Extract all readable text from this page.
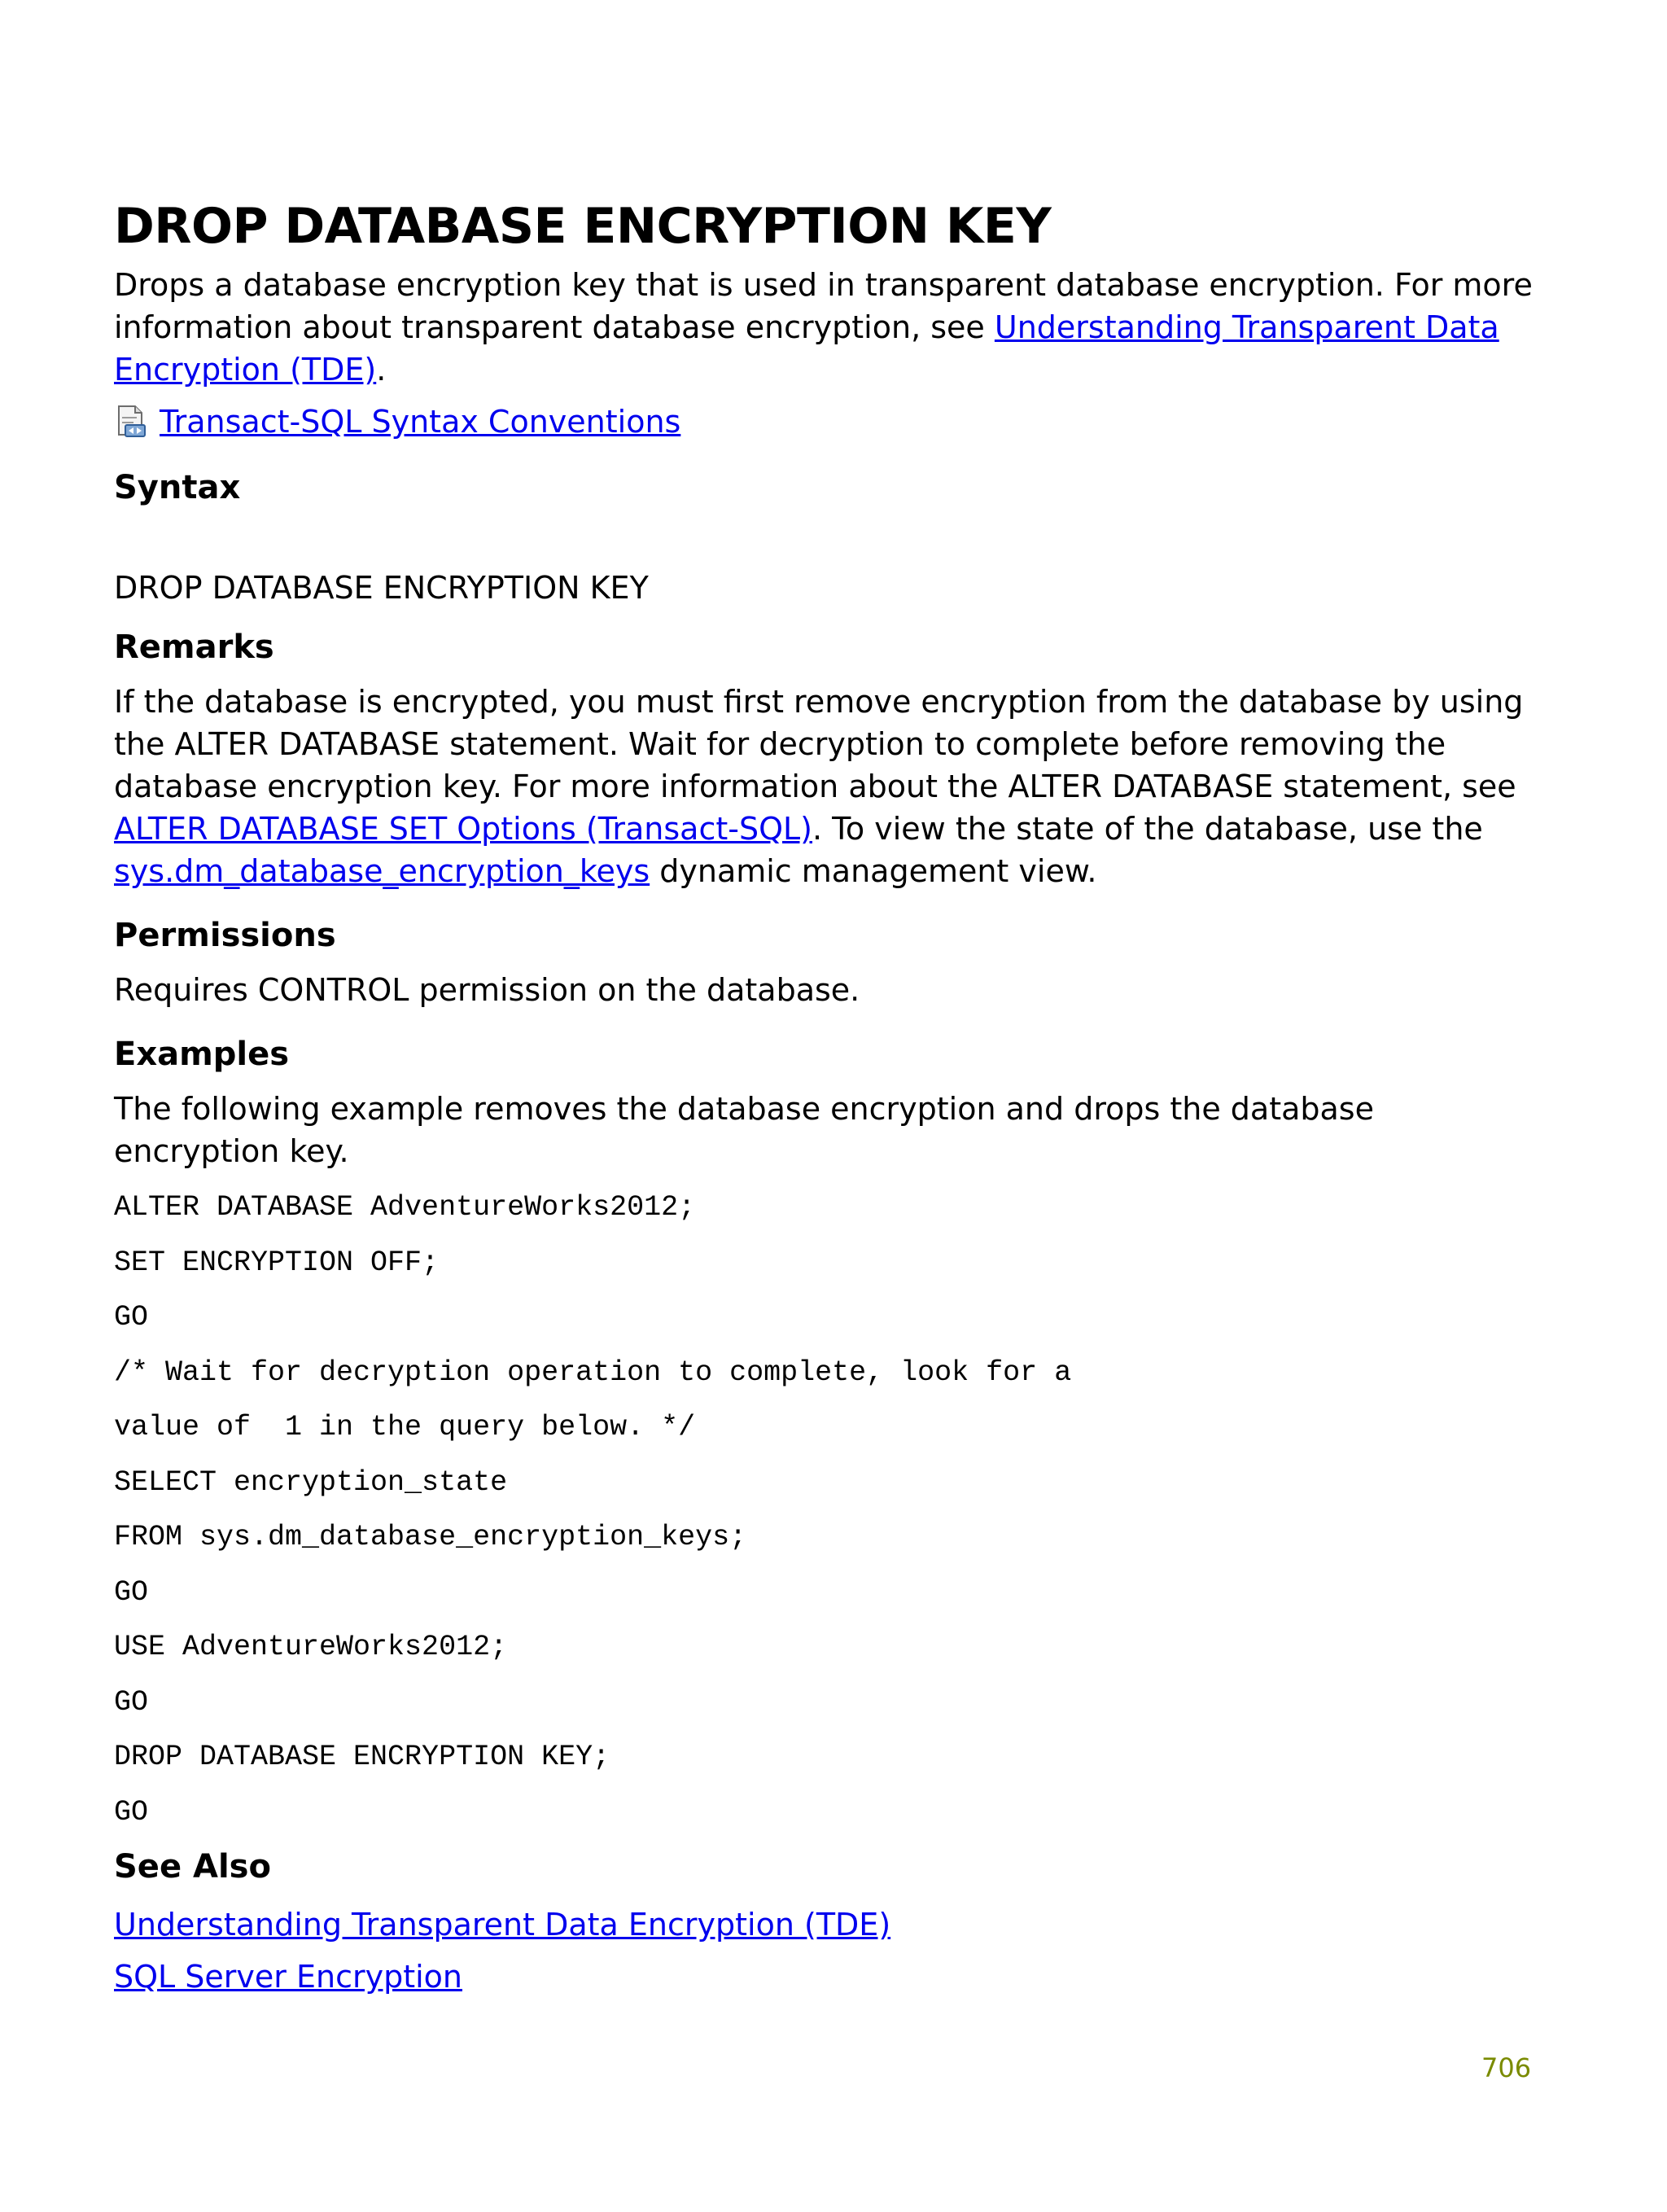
DROP DATABASE ENCRYPTION KEY

Drops a database encryption key that is used in transparent database encryption. For more information about transparent database encryption, see Understanding Transparent Data Encryption (TDE).

Transact-SQL Syntax Conventions
Syntax

DROP DATABASE ENCRYPTION KEY

Remarks

If the database is encrypted, you must first remove encryption from the database by using the ALTER DATABASE statement. Wait for decryption to complete before removing the database encryption key. For more information about the ALTER DATABASE statement, see ALTER DATABASE SET Options (Transact-SQL). To view the state of the database, use the sys.dm_database_encryption_keys dynamic management view.

Permissions

Requires CONTROL permission on the database.

Examples

The following example removes the database encryption and drops the database encryption key.

ALTER DATABASE AdventureWorks2012;
SET ENCRYPTION OFF;
GO
/* Wait for decryption operation to complete, look for a
value of  1 in the query below. */
SELECT encryption_state
FROM sys.dm_database_encryption_keys;
GO
USE AdventureWorks2012;
GO
DROP DATABASE ENCRYPTION KEY;
GO
See Also
Understanding Transparent Data Encryption (TDE)
SQL Server Encryption
706
